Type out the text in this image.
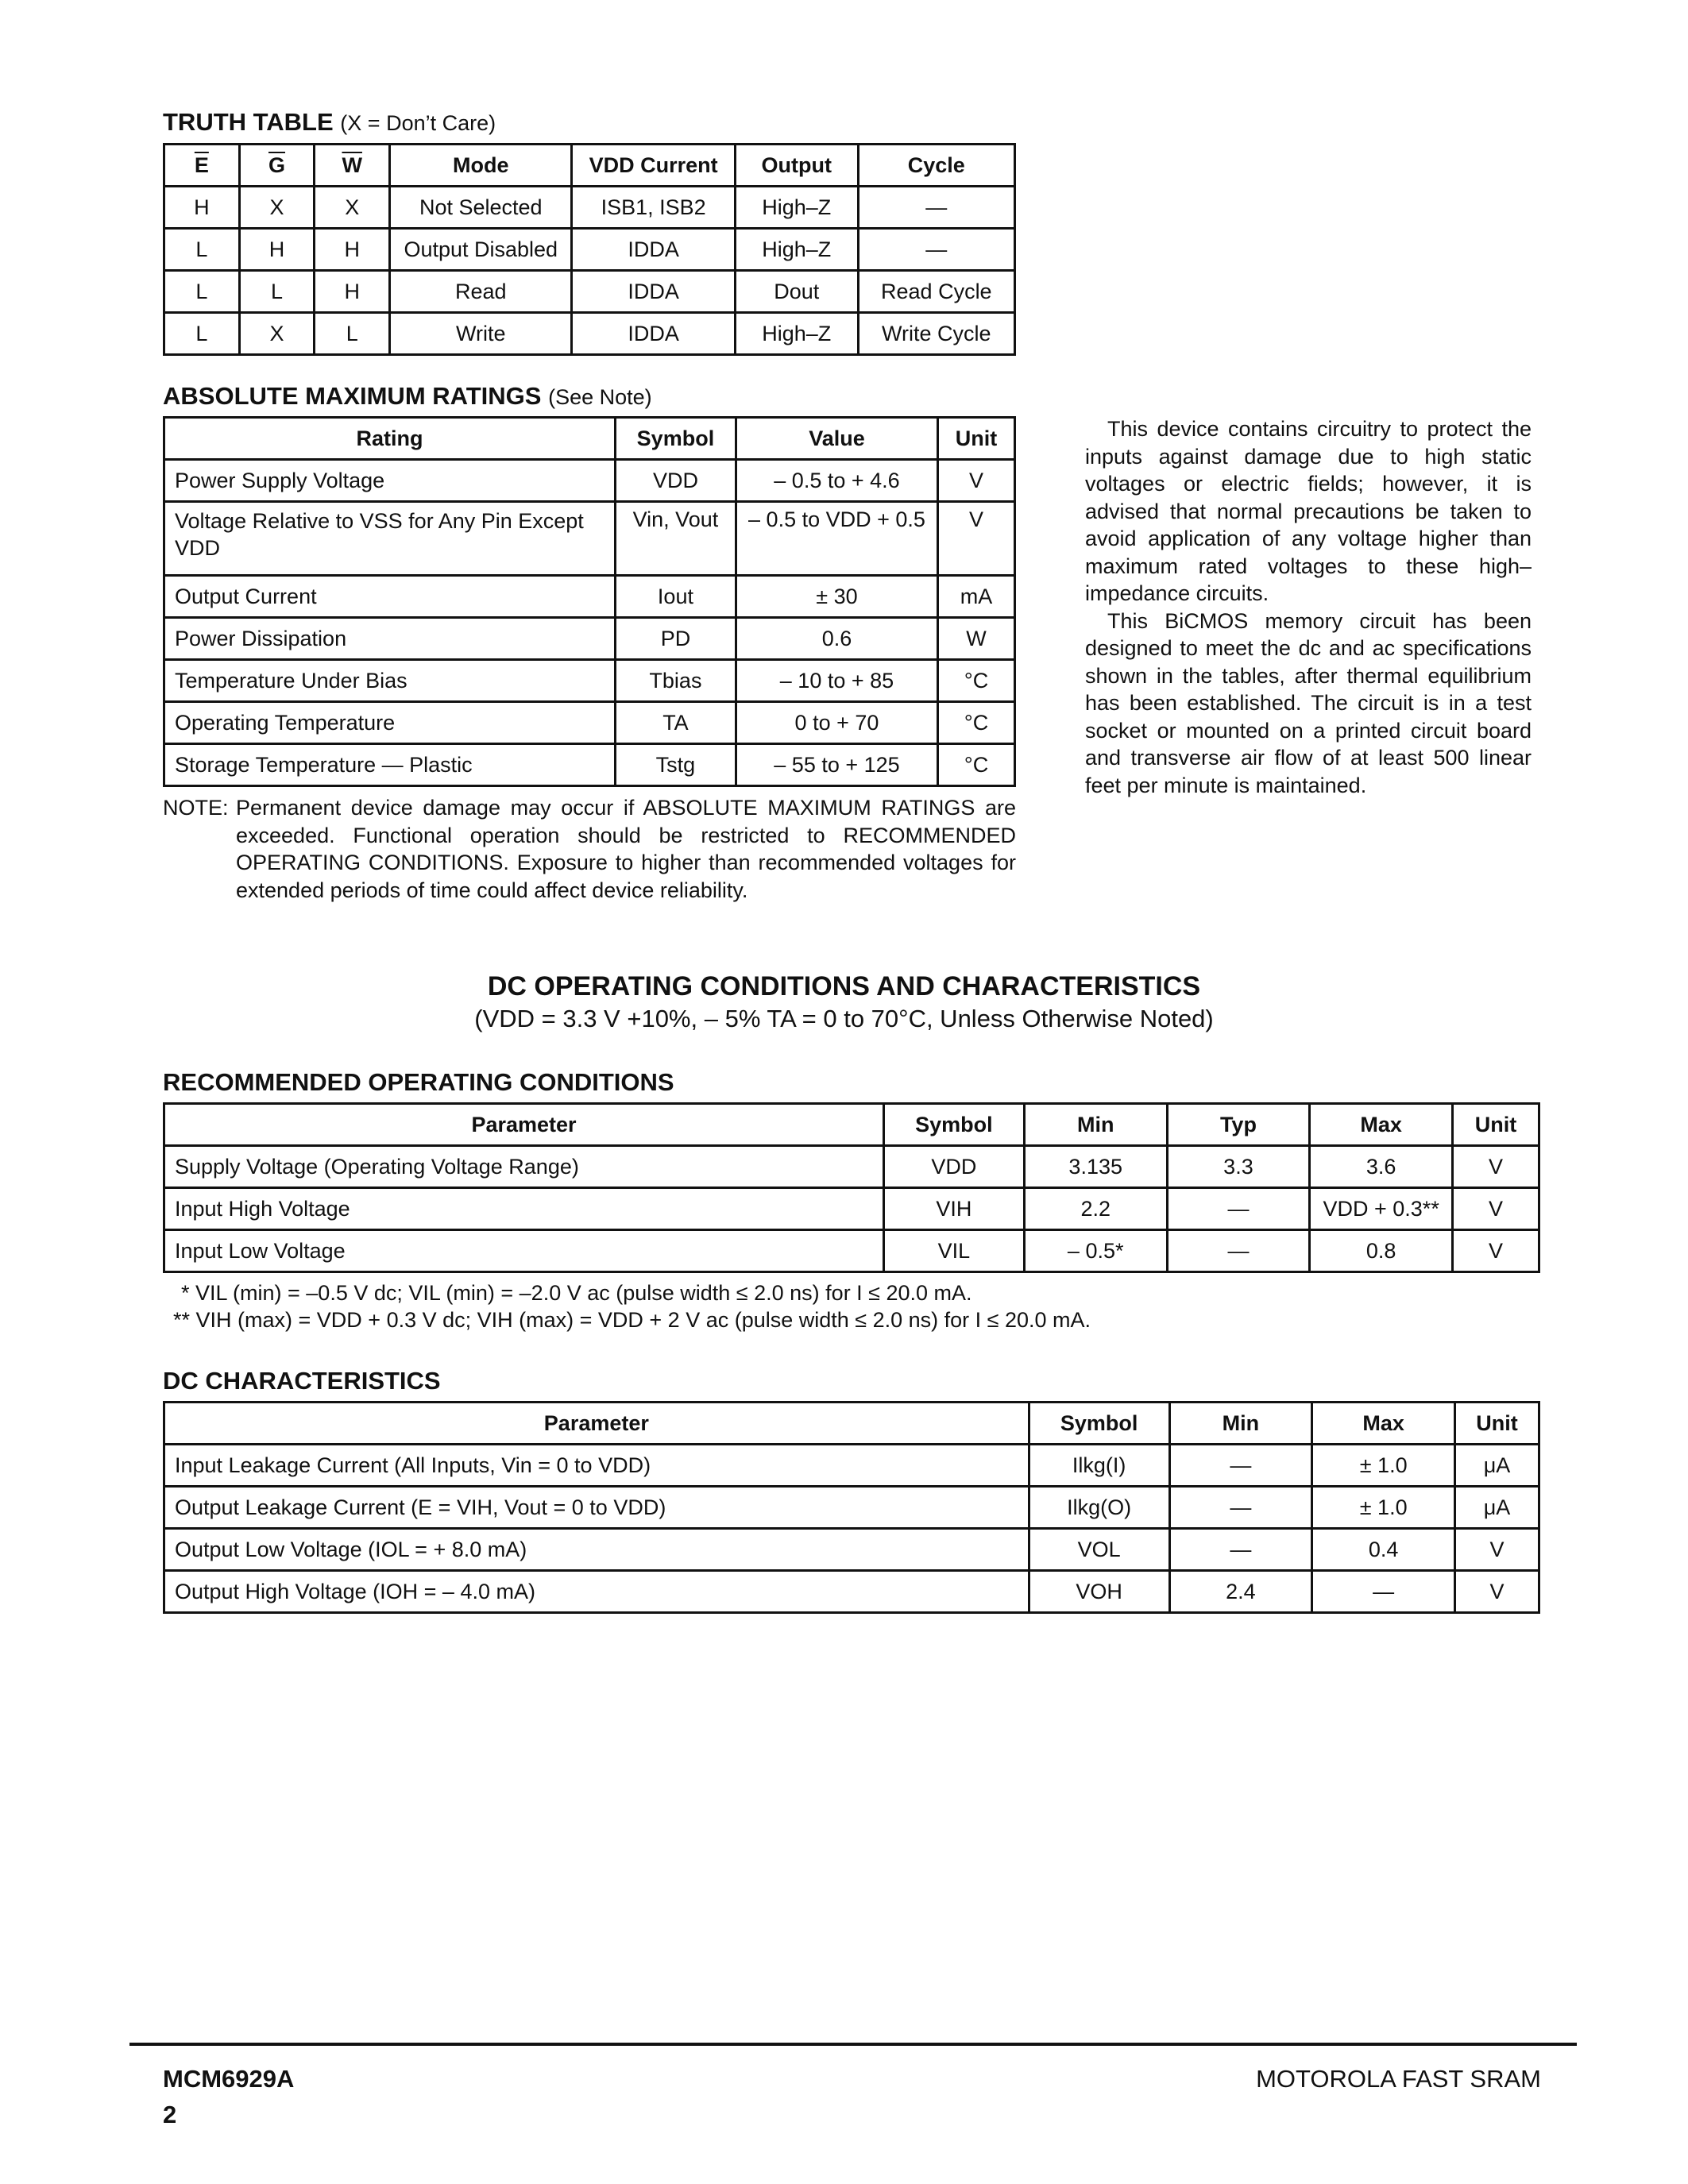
TRUTH TABLE (X = Don’t Care)
$\overline{E}$	$\overline{G}$	$\overline{W}$	Mode	VDD Current	Output	Cycle
H	X	X	Not Selected	ISB1, ISB2	High–Z	—
L	H	H	Output Disabled	IDDA	High–Z	—
L	L	H	Read	IDDA	Dout	Read Cycle
L	X	L	Write	IDDA	High–Z	Write Cycle
ABSOLUTE MAXIMUM RATINGS (See Note)
Rating	Symbol	Value	Unit
Power Supply Voltage	VDD	– 0.5 to + 4.6	V
Voltage Relative to VSS for Any Pin Except VDD	Vin, Vout	– 0.5 to VDD + 0.5	V
Output Current	Iout	± 30	mA
Power Dissipation	PD	0.6	W
Temperature Under Bias	Tbias	– 10 to + 85	°C
Operating Temperature	TA	0 to + 70	°C
Storage Temperature — Plastic	Tstg	– 55 to + 125	°C
NOTE: Permanent device damage may occur if ABSOLUTE MAXIMUM RATINGS are exceeded. Functional operation should be restricted to RECOMMENDED OPERATING CONDITIONS. Exposure to higher than recommended voltages for extended periods of time could affect device reliability.

This device contains circuitry to protect the inputs against damage due to high static voltages or electric fields; however, it is advised that normal precautions be taken to avoid application of any voltage higher than maximum rated voltages to these high–impedance circuits.

This BiCMOS memory circuit has been designed to meet the dc and ac specifications shown in the tables, after thermal equilibrium has been established. The circuit is in a test socket or mounted on a printed circuit board and transverse air flow of at least 500 linear feet per minute is maintained.

DC OPERATING CONDITIONS AND CHARACTERISTICS
(VDD = 3.3 V +10%, – 5% TA = 0 to 70°C, Unless Otherwise Noted)
RECOMMENDED OPERATING CONDITIONS
Parameter	Symbol	Min	Typ	Max	Unit
Supply Voltage (Operating Voltage Range)	VDD	3.135	3.3	3.6	V
Input High Voltage	VIH	2.2	—	VDD + 0.3**	V
Input Low Voltage	VIL	– 0.5*	—	0.8	V
* VIL (min) = –0.5 V dc; VIL (min) = –2.0 V ac (pulse width ≤ 2.0 ns) for I ≤ 20.0 mA.
** VIH (max) = VDD + 0.3 V dc; VIH (max) = VDD + 2 V ac (pulse width ≤ 2.0 ns) for I ≤ 20.0 mA.
DC CHARACTERISTICS
Parameter	Symbol	Min	Max	Unit
Input Leakage Current (All Inputs, Vin = 0 to VDD)	Ilkg(I)	—	± 1.0	μA
Output Leakage Current (E = VIH, Vout = 0 to VDD)	Ilkg(O)	—	± 1.0	μA
Output Low Voltage (IOL = + 8.0 mA)	VOL	—	0.4	V
Output High Voltage (IOH = – 4.0 mA)	VOH	2.4	—	V
MCM6929A
2
MOTOROLA FAST SRAM
